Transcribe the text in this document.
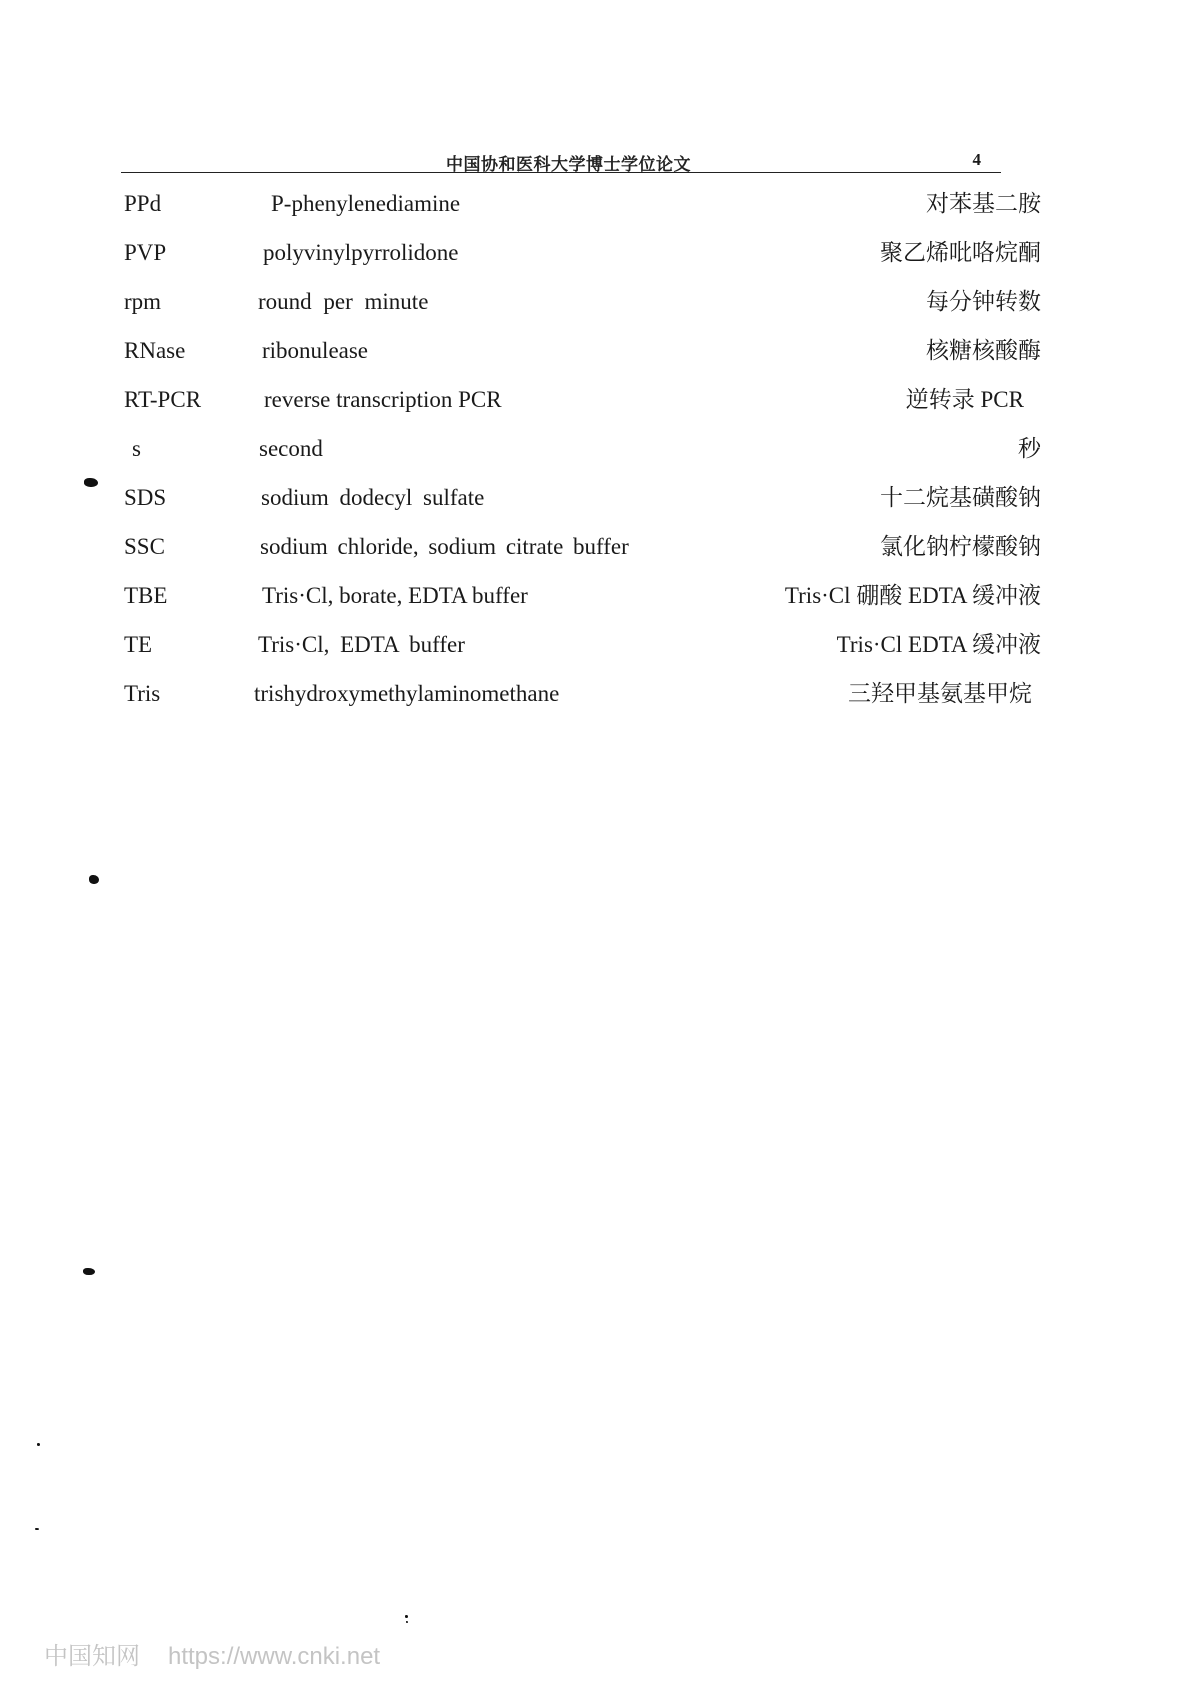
中国协和医科大学博士学位论文	4
PPd	P-phenylenediamine	对苯基二胺
PVP	polyvinylpyrrolidone	聚乙烯吡咯烷酮
rpm	round per minute	每分钟转数
RNase	ribonulease	核糖核酸酶
RT-PCR	reverse transcription PCR	逆转录 PCR
s	second	秒
SDS	sodium dodecyl sulfate	十二烷基磺酸钠
SSC	sodium chloride, sodium citrate buffer	氯化钠柠檬酸钠
TBE	Tris·Cl, borate, EDTA buffer	Tris·Cl 硼酸 EDTA 缓冲液
TE	Tris·Cl, EDTA buffer	Tris·Cl EDTA 缓冲液
Tris	trishydroxymethylaminomethane	三羟甲基氨基甲烷
中国知网 https://www.cnki.net
